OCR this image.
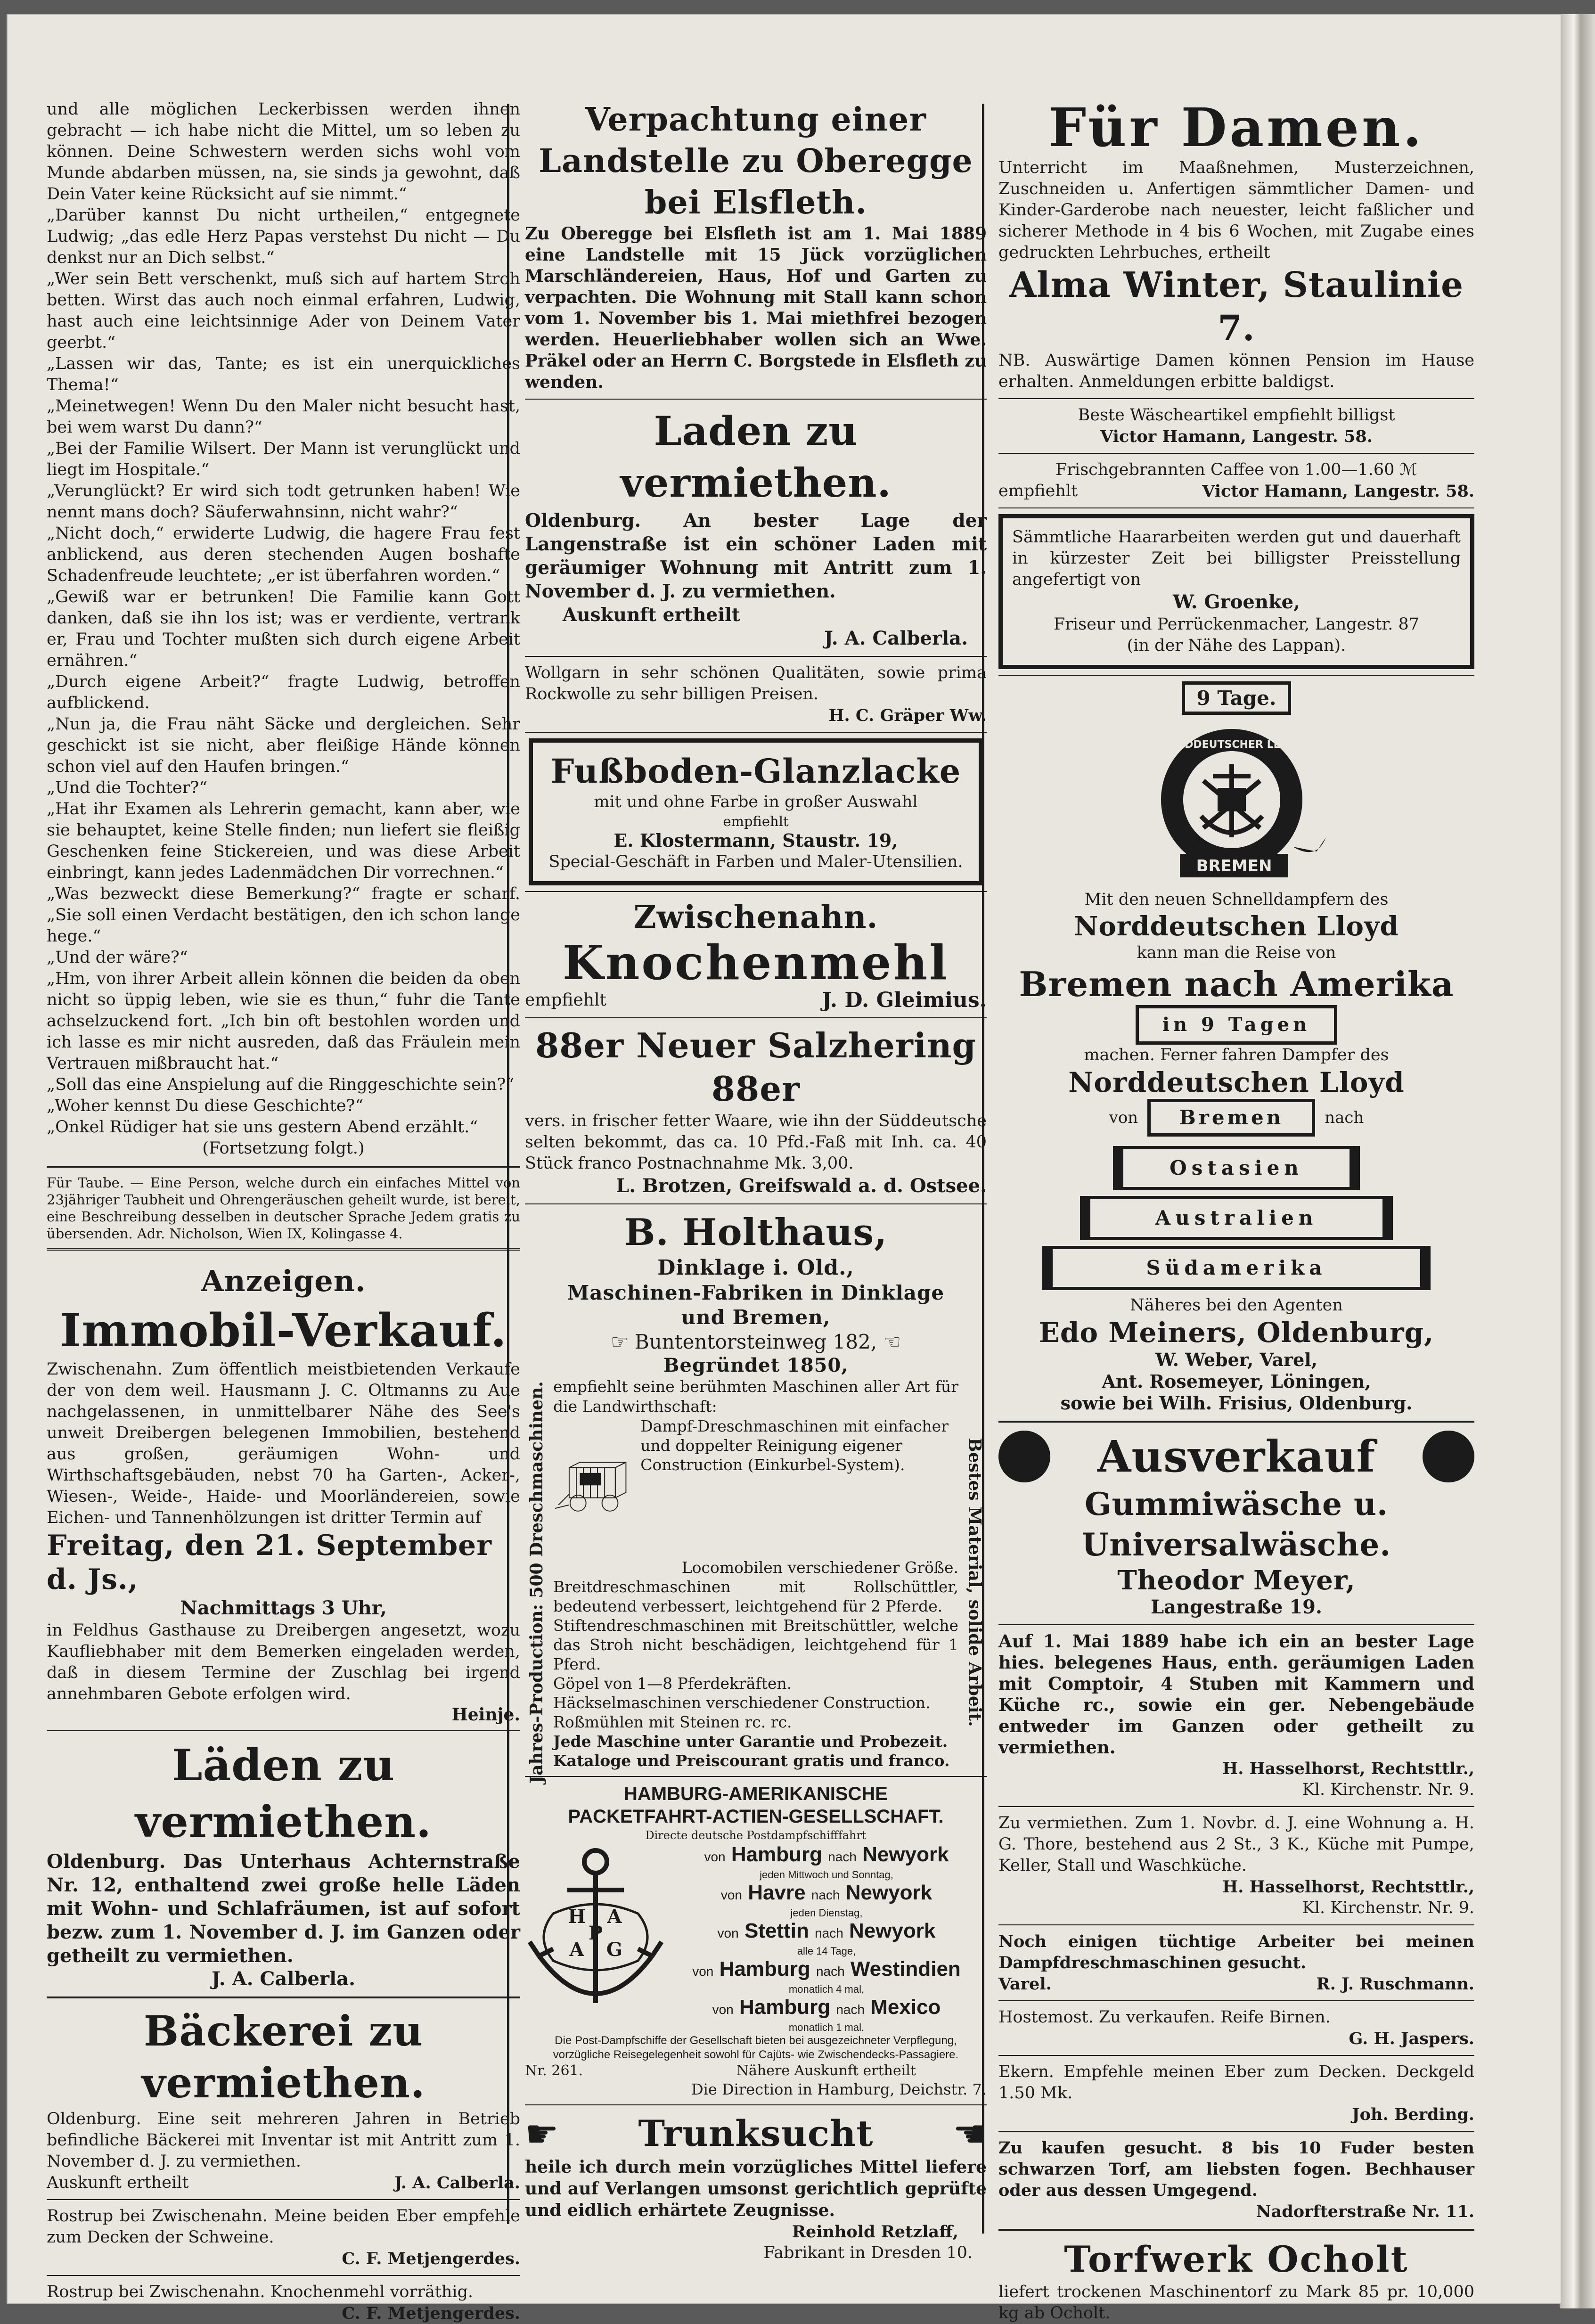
und alle möglichen Leckerbissen werden ihnen gebracht — ich habe nicht die Mittel, um so leben zu können. Deine Schwestern werden sichs wohl vom Munde abdarben müssen, na, sie sinds ja gewohnt, daß Dein Vater keine Rücksicht auf sie nimmt.“

„Darüber kannst Du nicht urtheilen,“ entgegnete Ludwig; „das edle Herz Papas verstehst Du nicht — Du denkst nur an Dich selbst.“

„Wer sein Bett verschenkt, muß sich auf hartem Stroh betten. Wirst das auch noch einmal erfahren, Ludwig, hast auch eine leichtsinnige Ader von Deinem Vater geerbt.“

„Lassen wir das, Tante; es ist ein unerquickliches Thema!“

„Meinetwegen! Wenn Du den Maler nicht besucht hast, bei wem warst Du dann?“

„Bei der Familie Wilsert. Der Mann ist verunglückt und liegt im Hospitale.“

„Verunglückt? Er wird sich todt getrunken haben! Wie nennt mans doch? Säuferwahnsinn, nicht wahr?“

„Nicht doch,“ erwiderte Ludwig, die hagere Frau fest anblickend, aus deren stechenden Augen boshafte Schadenfreude leuchtete; „er ist überfahren worden.“

„Gewiß war er betrunken! Die Familie kann Gott danken, daß sie ihn los ist; was er verdiente, vertrank er, Frau und Tochter mußten sich durch eigene Arbeit ernähren.“

„Durch eigene Arbeit?“ fragte Ludwig, betroffen aufblickend.

„Nun ja, die Frau näht Säcke und dergleichen. Sehr geschickt ist sie nicht, aber fleißige Hände können schon viel auf den Haufen bringen.“

„Und die Tochter?“

„Hat ihr Examen als Lehrerin gemacht, kann aber, wie sie behauptet, keine Stelle finden; nun liefert sie fleißig Geschenken feine Stickereien, und was diese Arbeit einbringt, kann jedes Ladenmädchen Dir vorrechnen.“

„Was bezweckt diese Bemerkung?“ fragte er scharf. „Sie soll einen Verdacht bestätigen, den ich schon lange hege.“

„Und der wäre?“

„Hm, von ihrer Arbeit allein können die beiden da oben nicht so üppig leben, wie sie es thun,“ fuhr die Tante achselzuckend fort. „Ich bin oft bestohlen worden und ich lasse es mir nicht ausreden, daß das Fräulein mein Vertrauen mißbraucht hat.“

„Soll das eine Anspielung auf die Ringgeschichte sein?“

„Woher kennst Du diese Geschichte?“

„Onkel Rüdiger hat sie uns gestern Abend erzählt.“

(Fortsetzung folgt.)

Für Taube. — Eine Person, welche durch ein einfaches Mittel von 23jähriger Taubheit und Ohrengeräuschen geheilt wurde, ist bereit, eine Beschreibung desselben in deutscher Sprache Jedem gratis zu übersenden. Adr. Nicholson, Wien IX, Kolingasse 4.

Anzeigen.

Immobil-Verkauf.

Zwischenahn. Zum öffentlich meistbietenden Verkaufe der von dem weil. Hausmann J. C. Oltmanns zu Aue nachgelassenen, in unmittelbarer Nähe des See's unweit Dreibergen belegenen Immobilien, bestehend aus großen, geräumigen Wohn- und Wirthschaftsgebäuden, nebst 70 ha Garten-, Acker-, Wiesen-, Weide-, Haide- und Moorländereien, sowie Eichen- und Tannenhölzungen ist dritter Termin auf

Freitag, den 21. September d. Js.,

Nachmittags 3 Uhr,

in Feldhus Gasthause zu Dreibergen angesetzt, wozu Kaufliebhaber mit dem Bemerken eingeladen werden, daß in diesem Termine der Zuschlag bei irgend annehmbaren Gebote erfolgen wird.

Heinje.

Läden zu vermiethen.

Oldenburg. Das Unterhaus Achternstraße Nr. 12, enthaltend zwei große helle Läden mit Wohn- und Schlafräumen, ist auf sofort bezw. zum 1. November d. J. im Ganzen oder getheilt zu vermiethen.

J. A. Calberla.

Bäckerei zu vermiethen.

Oldenburg. Eine seit mehreren Jahren in Betrieb befindliche Bäckerei mit Inventar ist mit Antritt zum 1. November d. J. zu vermiethen.

Auskunft ertheilt	J. A. Calberla.

Rostrup bei Zwischenahn. Meine beiden Eber empfehle zum Decken der Schweine.

C. F. Metjengerdes.

Rostrup bei Zwischenahn. Knochenmehl vorräthig.

C. F. Metjengerdes.

Verpachtung einer Landstelle zu Oberegge bei Elsfleth.

Zu Oberegge bei Elsfleth ist am 1. Mai 1889 eine Landstelle mit 15 Jück vorzüglichen Marschländereien, Haus, Hof und Garten zu verpachten. Die Wohnung mit Stall kann schon vom 1. November bis 1. Mai miethfrei bezogen werden. Heuerliebhaber wollen sich an Wwe. Präkel oder an Herrn C. Borgstede in Elsfleth zu wenden.

Laden zu vermiethen.

Oldenburg. An bester Lage der Langenstraße ist ein schöner Laden mit geräumiger Wohnung mit Antritt zum 1. November d. J. zu vermiethen.

Auskunft ertheilt

J. A. Calberla.

Wollgarn in sehr schönen Qualitäten, sowie prima Rockwolle zu sehr billigen Preisen.

H. C. Gräper Ww.

Fußboden-Glanzlacke

mit und ohne Farbe in großer Auswahl

empfiehlt

E. Klostermann, Staustr. 19,

Special-Geschäft in Farben und Maler-Utensilien.

Zwischenahn.

Knochenmehl

empfiehlt	J. D. Gleimius.

88er Neuer Salzhering 88er

vers. in frischer fetter Waare, wie ihn der Süddeutsche selten bekommt, das ca. 10 Pfd.-Faß mit Inh. ca. 40 Stück franco Postnachnahme Mk. 3,00.

L. Brotzen, Greifswald a. d. Ostsee.

Jahres-Production: 500 Dreschmaschinen.	Bestes Material, solide Arbeit.

B. Holthaus,

Dinklage i. Old.,

Maschinen-Fabriken in Dinklage und Bremen,

☞ Buntentorsteinweg 182, ☜

Begründet 1850,

empfiehlt seine berühmten Maschinen aller Art für die Landwirthschaft:

Dampf-Dreschmaschinen mit einfacher und doppelter Reinigung eigener Construction (Einkurbel-System).

Locomobilen verschiedener Größe.

Breitdreschmaschinen mit Rollschüttler, bedeutend verbessert, leichtgehend für 2 Pferde.

Stiftendreschmaschinen mit Breitschüttler, welche das Stroh nicht beschädigen, leichtgehend für 1 Pferd.

Göpel von 1—8 Pferdekräften.

Häckselmaschinen verschiedener Construction.

Roßmühlen mit Steinen rc. rc.

Jede Maschine unter Garantie und Probezeit.

Kataloge und Preiscourant gratis und franco.

HAMBURG-AMERIKANISCHE

PACKETFAHRT-ACTIEN-GESELLSCHAFT.

Directe deutsche Postdampfschifffahrt

H A
P
A G
von Hamburg nach Newyork

jeden Mittwoch und Sonntag,

von Havre nach Newyork

jeden Dienstag,

von Stettin nach Newyork

alle 14 Tage,

von Hamburg nach Westindien

monatlich 4 mal,

von Hamburg nach Mexico

monatlich 1 mal.

Die Post-Dampfschiffe der Gesellschaft bieten bei ausgezeichneter Verpflegung, vorzügliche Reisegelegenheit sowohl für Cajüts- wie Zwischendecks-Passagiere.

Nr. 261.	Nähere Auskunft ertheilt

Die Direction in Hamburg, Deichstr. 7.

☛ Trunksucht ☚

heile ich durch mein vorzügliches Mittel liefere und auf Verlangen umsonst gerichtlich geprüfte und eidlich erhärtete Zeugnisse.

Reinhold Retzlaff,

Fabrikant in Dresden 10.

Für Damen.

Unterricht im Maaßnehmen, Musterzeichnen, Zuschneiden u. Anfertigen sämmtlicher Damen- und Kinder-Garderobe nach neuester, leicht faßlicher und sicherer Methode in 4 bis 6 Wochen, mit Zugabe eines gedruckten Lehrbuches, ertheilt

Alma Winter, Staulinie 7.

NB. Auswärtige Damen können Pension im Hause erhalten. Anmeldungen erbitte baldigst.

Beste Wäscheartikel empfiehlt billigst

Victor Hamann, Langestr. 58.

Frischgebrannten Caffee von 1.00—1.60 ℳ

empfiehlt	Victor Hamann, Langestr. 58.

Sämmtliche Haararbeiten werden gut und dauerhaft in kürzester Zeit bei billigster Preisstellung angefertigt von

W. Groenke,

Friseur und Perrückenmacher, Langestr. 87

(in der Nähe des Lappan).

9 Tage.
BREMEN
NORDDEUTSCHER LLOYD

Mit den neuen Schnelldampfern des

Norddeutschen Lloyd

kann man die Reise von

Bremen nach Amerika

in 9 Tagen

machen. Ferner fahren Dampfer des

Norddeutschen Lloyd

von	Bremen	nach
Ostasien
Australien
Südamerika

Näheres bei den Agenten

Edo Meiners, Oldenburg,

W. Weber, Varel,

Ant. Rosemeyer, Löningen,

sowie bei Wilh. Frisius, Oldenburg.

Ausverkauf

Gummiwäsche u. Universalwäsche.

Theodor Meyer,

Langestraße 19.

Auf 1. Mai 1889 habe ich ein an bester Lage hies. belegenes Haus, enth. geräumigen Laden mit Comptoir, 4 Stuben mit Kammern und Küche rc., sowie ein ger. Nebengebäude entweder im Ganzen oder getheilt zu vermiethen.

H. Hasselhorst, Rechtsttlr.,

Kl. Kirchenstr. Nr. 9.

Zu vermiethen. Zum 1. Novbr. d. J. eine Wohnung a. H. G. Thore, bestehend aus 2 St., 3 K., Küche mit Pumpe, Keller, Stall und Waschküche.

H. Hasselhorst, Rechtsttlr.,

Kl. Kirchenstr. Nr. 9.

Noch einigen tüchtige Arbeiter bei meinen Dampfdreschmaschinen gesucht.

Varel.	R. J. Ruschmann.

Hostemost. Zu verkaufen. Reife Birnen.

G. H. Jaspers.

Ekern. Empfehle meinen Eber zum Decken. Deckgeld 1.50 Mk.

Joh. Berding.

Zu kaufen gesucht. 8 bis 10 Fuder besten schwarzen Torf, am liebsten fogen. Bechhauser oder aus dessen Umgegend.

Nadorfterstraße Nr. 11.

Torfwerk Ocholt

liefert trockenen Maschinentorf zu Mark 85 pr. 10,000 kg ab Ocholt.
